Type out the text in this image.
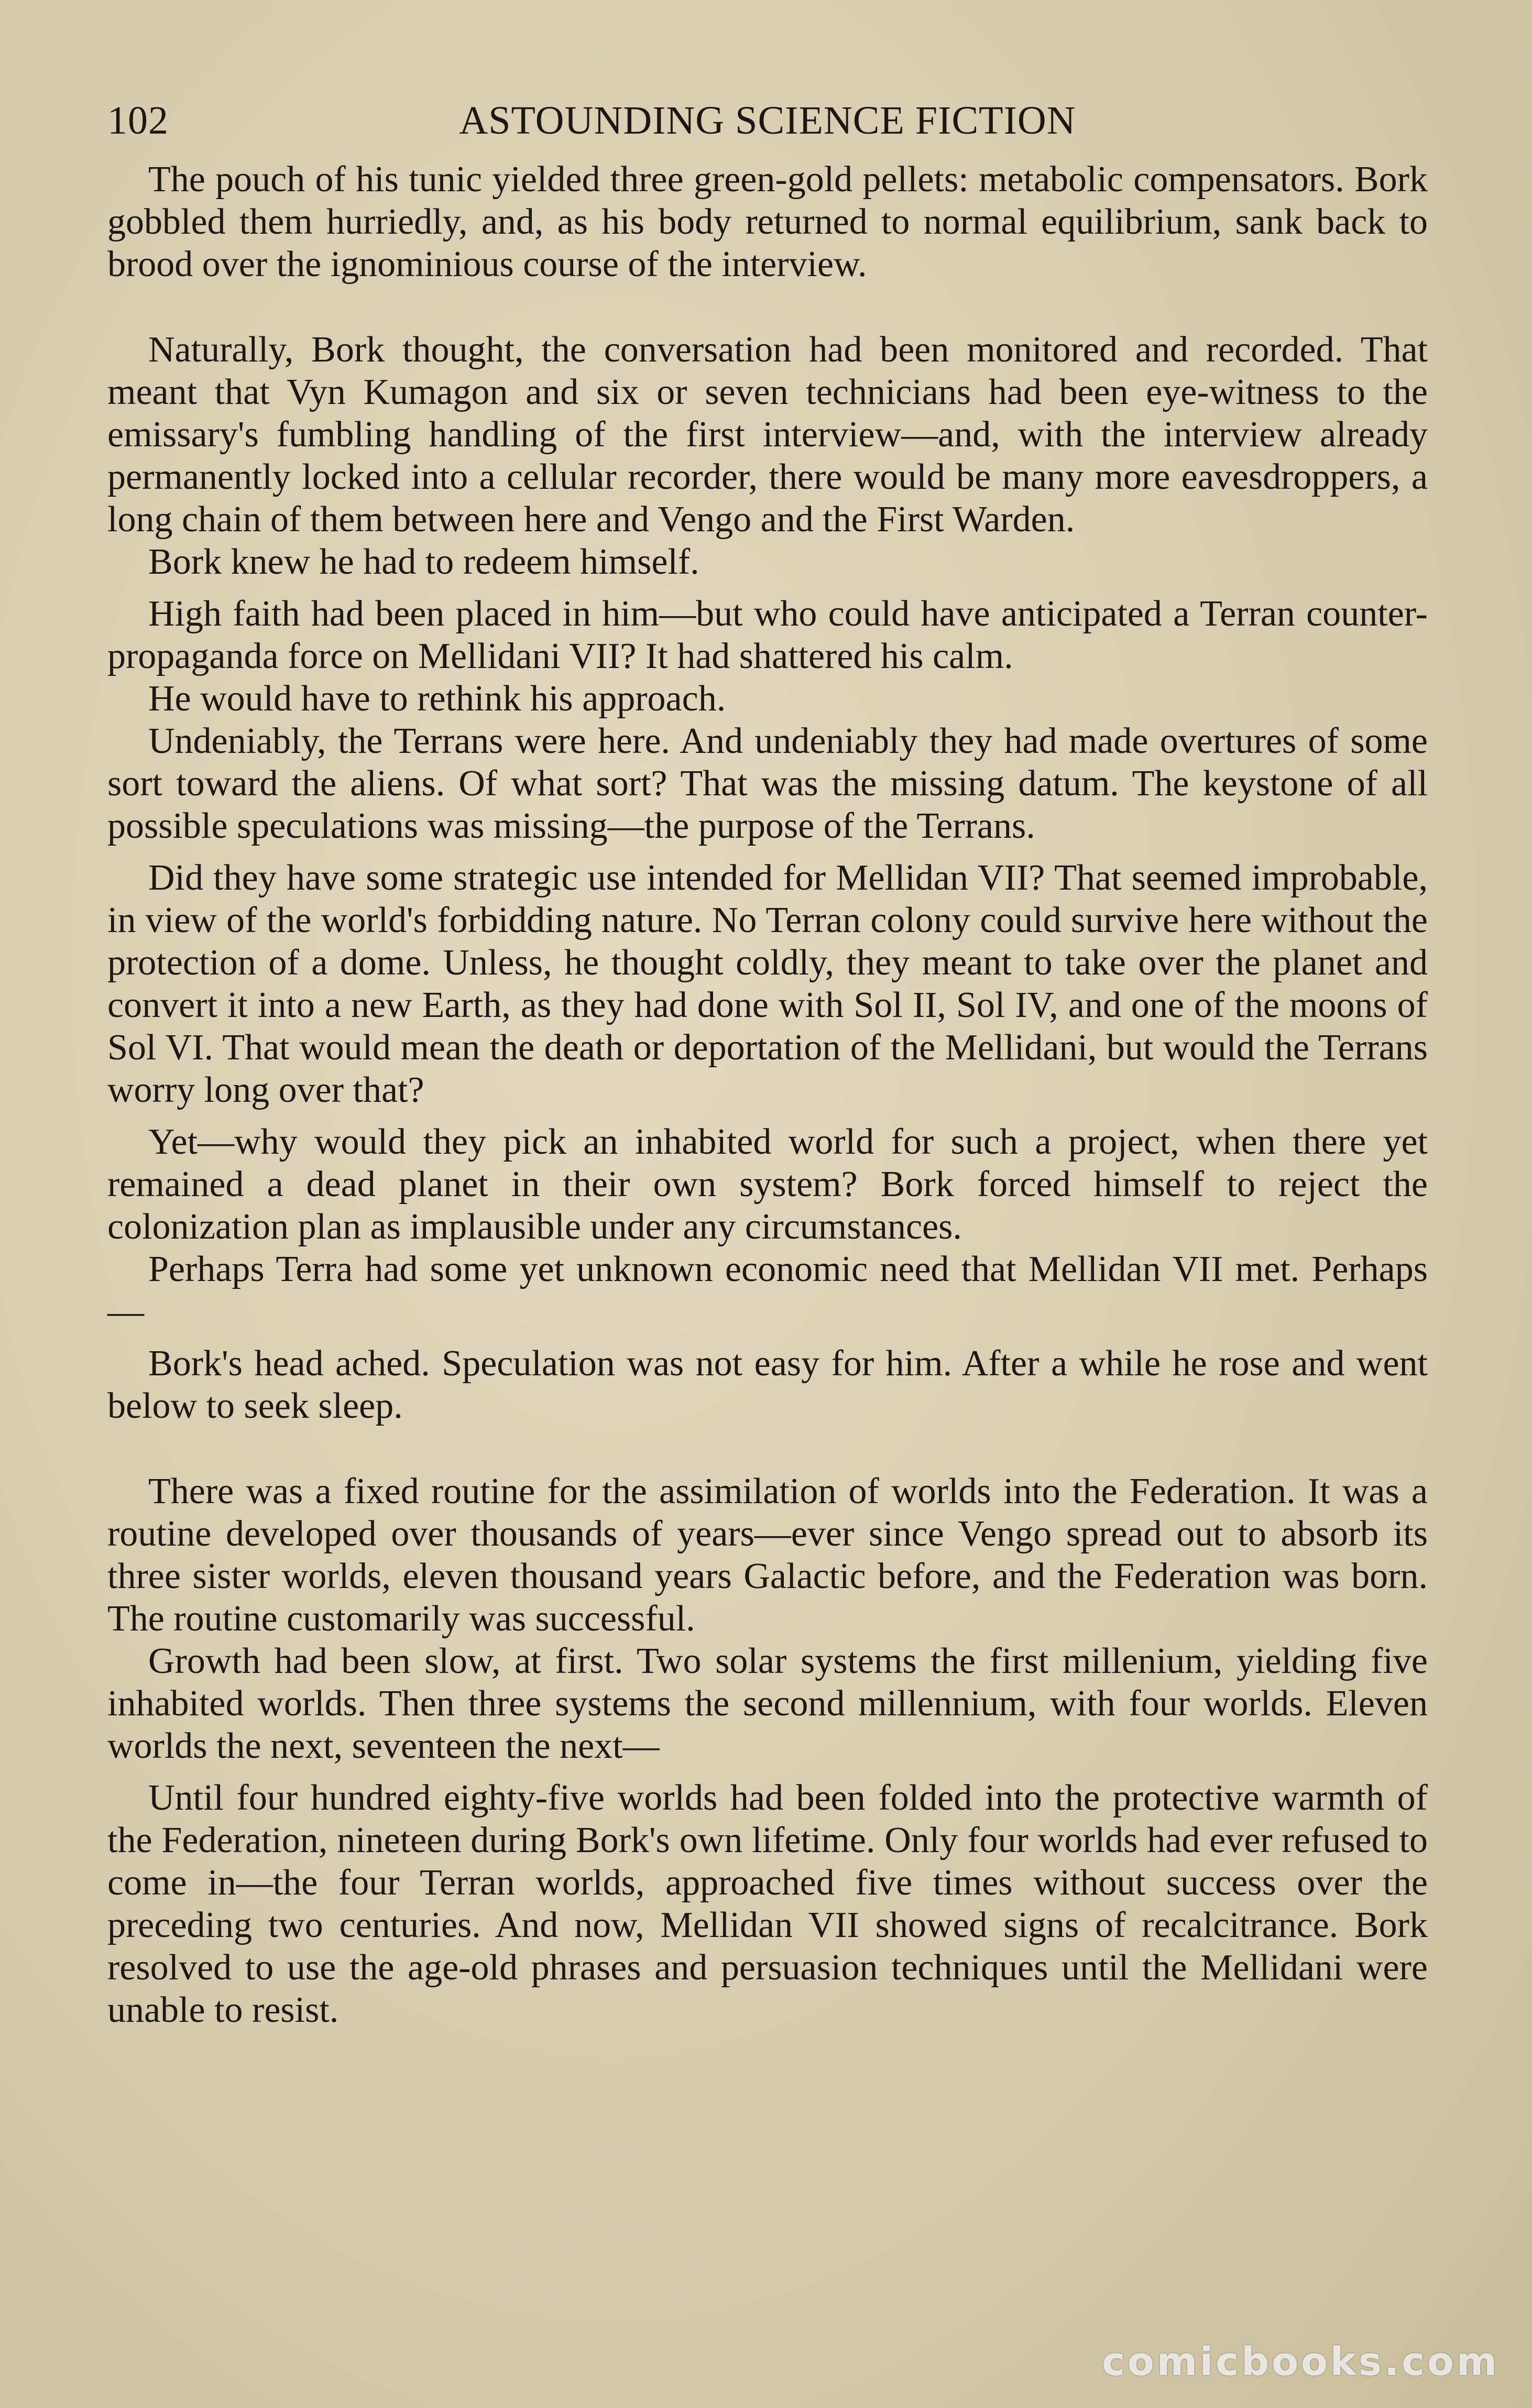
102	ASTOUNDING SCIENCE FICTION

The pouch of his tunic yielded three green-gold pellets: metabolic compensators. Bork gobbled them hurriedly, and, as his body returned to normal equilibrium, sank back to brood over the ignominious course of the interview.

Naturally, Bork thought, the conversation had been monitored and recorded. That meant that Vyn Kumagon and six or seven technicians had been eye-witness to the emissary's fumbling handling of the first interview—and, with the interview already permanently locked into a cellular recorder, there would be many more eavesdroppers, a long chain of them between here and Vengo and the First Warden.

Bork knew he had to redeem himself.

High faith had been placed in him—but who could have anticipated a Terran counter-propaganda force on Mellidani VII? It had shattered his calm.

He would have to rethink his approach.

Undeniably, the Terrans were here. And undeniably they had made overtures of some sort toward the aliens. Of what sort? That was the missing datum. The keystone of all possible speculations was missing—the purpose of the Terrans.

Did they have some strategic use intended for Mellidan VII? That seemed improbable, in view of the world's forbidding nature. No Terran colony could survive here without the protection of a dome. Unless, he thought coldly, they meant to take over the planet and convert it into a new Earth, as they had done with Sol II, Sol IV, and one of the moons of Sol VI. That would mean the death or deportation of the Mellidani, but would the Terrans worry long over that?

Yet—why would they pick an inhabited world for such a project, when there yet remained a dead planet in their own system? Bork forced himself to reject the colonization plan as implausible under any circumstances.

Perhaps Terra had some yet unknown economic need that Mellidan VII met. Perhaps—

Bork's head ached. Speculation was not easy for him. After a while he rose and went below to seek sleep.

There was a fixed routine for the assimilation of worlds into the Federation. It was a routine developed over thousands of years—ever since Vengo spread out to absorb its three sister worlds, eleven thousand years Galactic before, and the Federation was born. The routine customarily was successful.

Growth had been slow, at first. Two solar systems the first millenium, yielding five inhabited worlds. Then three systems the second millennium, with four worlds. Eleven worlds the next, seventeen the next—

Until four hundred eighty-five worlds had been folded into the protective warmth of the Federation, nineteen during Bork's own lifetime. Only four worlds had ever refused to come in—the four Terran worlds, approached five times without success over the preceding two centuries. And now, Mellidan VII showed signs of recalcitrance. Bork resolved to use the age-old phrases and persuasion techniques until the Mellidani were unable to resist.

comicbooks.com
